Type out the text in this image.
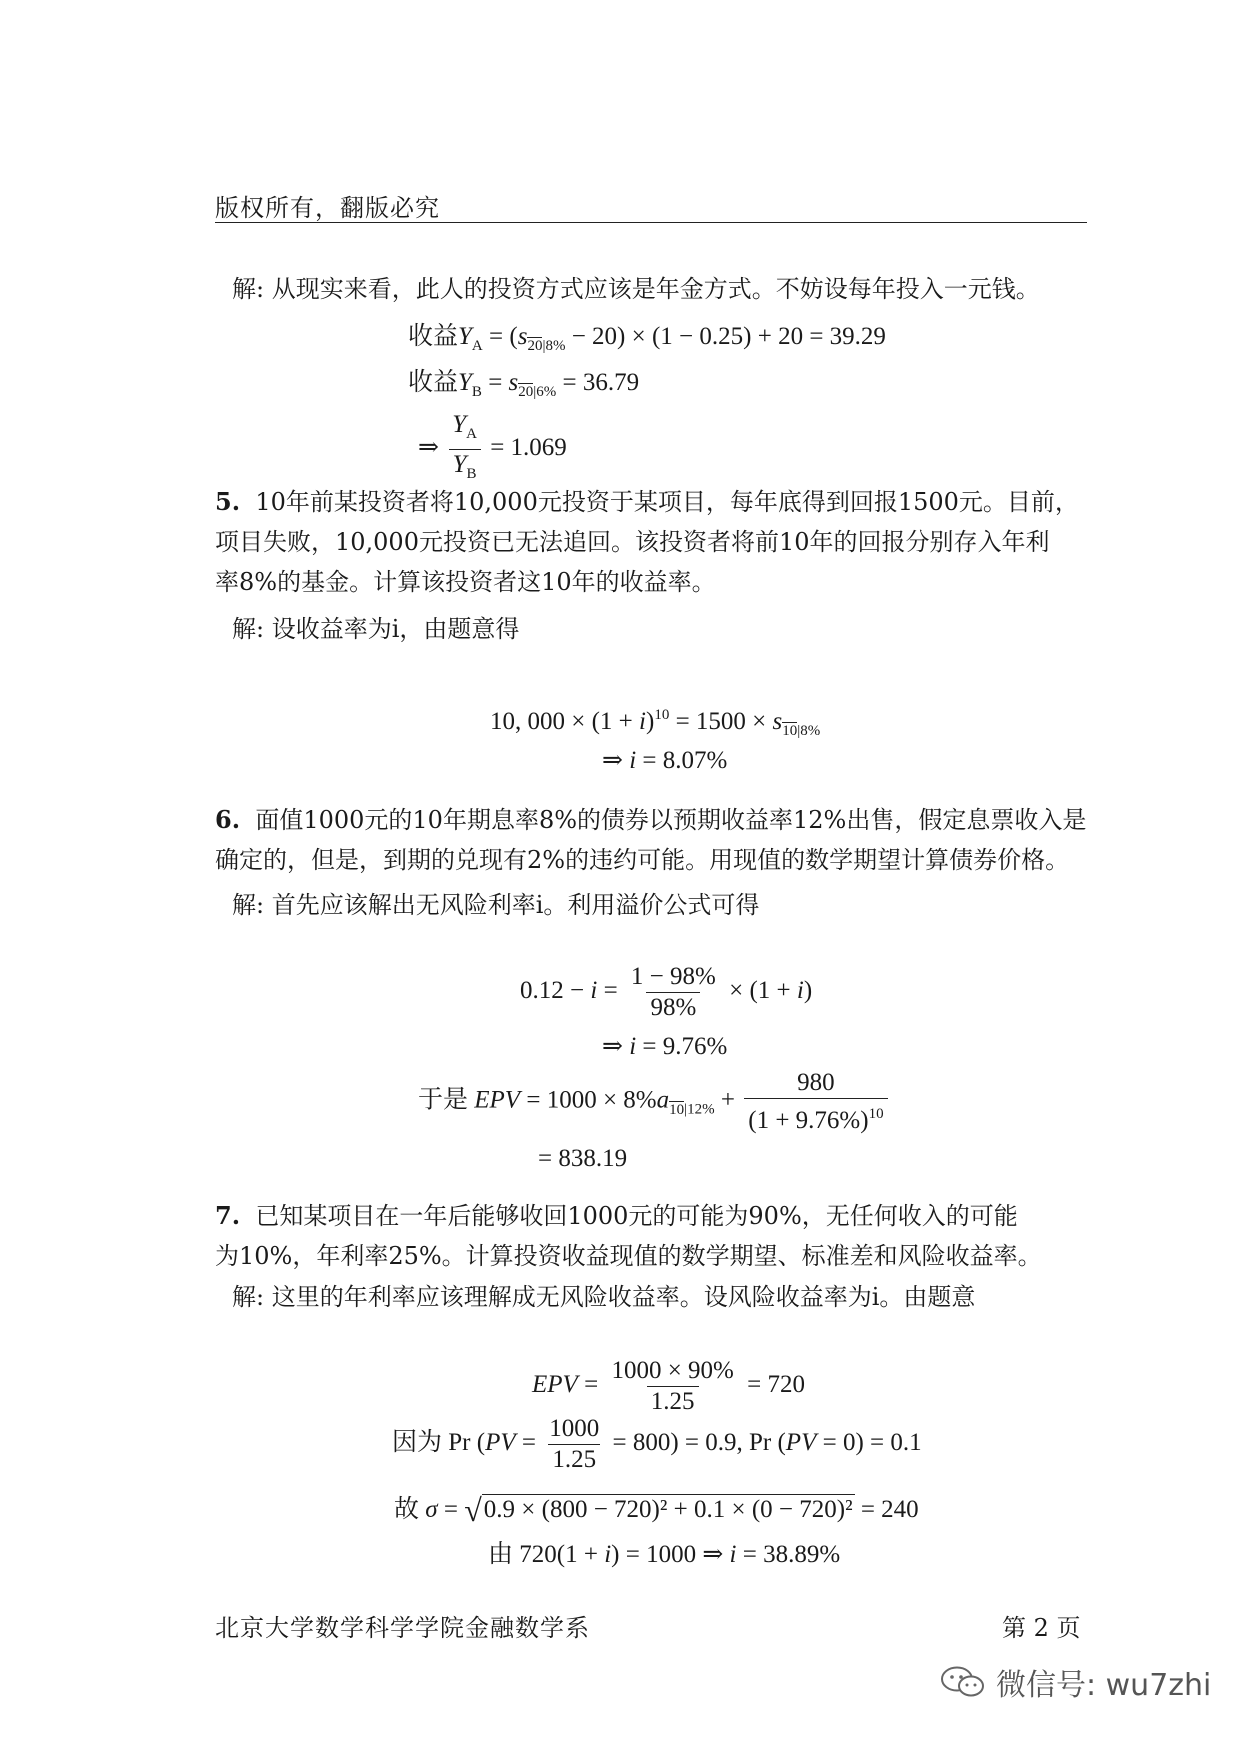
版权所有，翻版必究
解: 从现实来看，此人的投资方式应该是年金方式。不妨设每年投入一元钱。
收益$Y_A = (s_{20|8\%} - 20) \times (1 - 0.25) + 20 = 39.29$
收益$Y_B = s_{20|6\%} = 36.79$
⇒ $\frac{Y_A}{Y_B} = 1.069$
5. 10年前某投资者将10,000元投资于某项目，每年底得到回报1500元。目前，
项目失败，10,000元投资已无法追回。该投资者将前10年的回报分别存入年利
率8%的基金。计算该投资者这10年的收益率。
解: 设收益率为i，由题意得
10, $000 \times (1 + i)^{10} = 1500 \times s_{10|8\%}$
⇒ i = 8.07%
6. 面值1000元的10年期息率8%的债券以预期收益率12%出售，假定息票收入是
确定的，但是，到期的兑现有2%的违约可能。用现值的数学期望计算债券价格。
解: 首先应该解出无风险利率i。利用溢价公式可得
$0.12 - i = \frac{1 - 98\%}{98\%} \times (1 + i)$
⇒ i = 9.76%
于是 EPV = $1000 \times 8\%a_{10|12\%} + \frac{980}{(1 + 9.76\%)^{10}}$
= 838.19
7. 已知某项目在一年后能够收回1000元的可能为90%，无任何收入的可能
为10%，年利率25%。计算投资收益现值的数学期望、标准差和风险收益率。
解: 这里的年利率应该理解成无风险收益率。设风险收益率为i。由题意
EPV = $\frac{1000 \times 90\%}{1.25} = 720$
因为 Pr $(PV = \frac{1000}{1.25} = 800) = 0.9$, Pr (PV = 0) = 0.1
故 σ = √0.9 × (800 − 720)² + 0.1 × (0 − 720)² = 240
由 720(1 + i) = 1000 ⇒ i = 38.89%
北京大学数学科学学院金融数学系	第 2 页
微信号: wu7zhi
